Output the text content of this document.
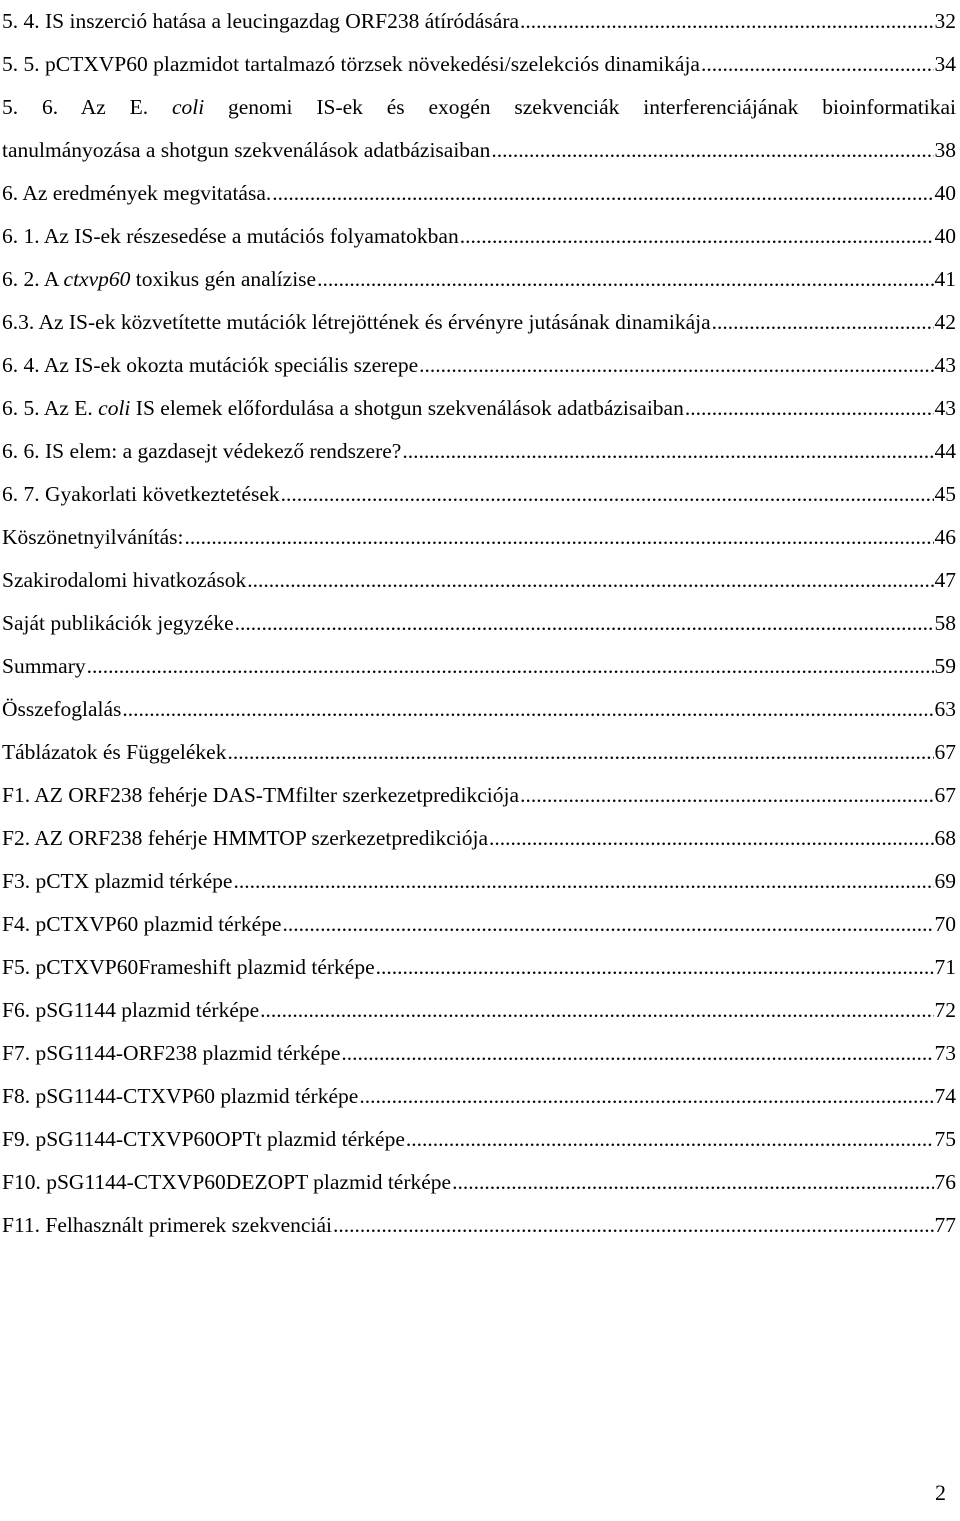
5. 4. IS inszerció hatása a leucingazdag ORF238 átíródására .....	32
5. 5. pCTXVP60 plazmidot tartalmazó törzsek növekedési/szelekciós dinamikája .....	34
5. 6. Az E. coli genomi IS-ek és exogén szekvenciák interferenciájának bioinformatikai
tanulmányozása a shotgun szekvenálások adatbázisaiban .....	38
6. Az eredmények megvitatása. .....	40
6. 1. Az IS-ek részesedése a mutációs folyamatokban .....	40
6. 2. A ctxvp60 toxikus gén analízise .....	41
6.3. Az IS-ek közvetítette mutációk létrejöttének és érvényre jutásának dinamikája .....	42
6. 4. Az IS-ek okozta mutációk speciális szerepe .....	43
6. 5. Az E. coli IS elemek előfordulása a shotgun szekvenálások adatbázisaiban .....	43
6. 6. IS elem: a gazdasejt védekező rendszere? .....	44
6. 7. Gyakorlati következtetések .....	45
Köszönetnyilvánítás: .....	46
Szakirodalomi hivatkozások .....	47
Saját publikációk jegyzéke .....	58
Summary .....	59
Összefoglalás .....	63
Táblázatok és Függelékek .....	67
F1. AZ ORF238 fehérje DAS-TMfilter szerkezetpredikciója .....	67
F2. AZ ORF238 fehérje HMMTOP szerkezetpredikciója .....	68
F3. pCTX plazmid térképe .....	69
F4. pCTXVP60 plazmid térképe .....	70
F5. pCTXVP60Frameshift plazmid térképe .....	71
F6. pSG1144 plazmid térképe .....	72
F7. pSG1144-ORF238 plazmid térképe .....	73
F8. pSG1144-CTXVP60 plazmid térképe .....	74
F9. pSG1144-CTXVP60OPTt plazmid térképe .....	75
F10. pSG1144-CTXVP60DEZOPT plazmid térképe .....	76
F11. Felhasznált primerek szekvenciái .....	77
2
